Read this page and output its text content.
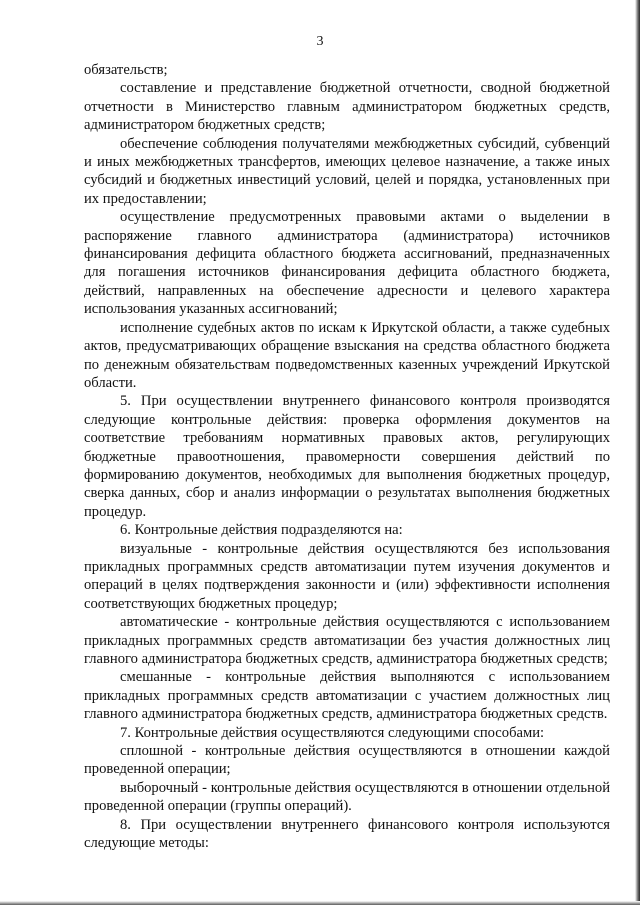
3

обязательств;

составление и представление бюджетной отчетности, сводной бюджетной отчетности в Министерство главным администратором бюджетных средств, администратором бюджетных средств;

обеспечение соблюдения получателями межбюджетных субсидий, субвенций и иных межбюджетных трансфертов, имеющих целевое назначение, а также иных субсидий и бюджетных инвестиций условий, целей и порядка, установленных при их предоставлении;

осуществление предусмотренных правовыми актами о выделении в распоряжение главного администратора (администратора) источников финансирования дефицита областного бюджета ассигнований, предназначенных для погашения источников финансирования дефицита областного бюджета, действий, направленных на обеспечение адресности и целевого характера использования указанных ассигнований;

исполнение судебных актов по искам к Иркутской области, а также судебных актов, предусматривающих обращение взыскания на средства областного бюджета по денежным обязательствам подведомственных казенных учреждений Иркутской области.

5. При осуществлении внутреннего финансового контроля производятся следующие контрольные действия: проверка оформления документов на соответствие требованиям нормативных правовых актов, регулирующих бюджетные правоотношения, правомерности совершения действий по формированию документов, необходимых для выполнения бюджетных процедур, сверка данных, сбор и анализ информации о результатах выполнения бюджетных процедур.

6. Контрольные действия подразделяются на:

визуальные - контрольные действия осуществляются без использования прикладных программных средств автоматизации путем изучения документов и операций в целях подтверждения законности и (или) эффективности исполнения соответствующих бюджетных процедур;

автоматические - контрольные действия осуществляются с использованием прикладных программных средств автоматизации без участия должностных лиц главного администратора бюджетных средств, администратора бюджетных средств;

смешанные - контрольные действия выполняются с использованием прикладных программных средств автоматизации с участием должностных лиц главного администратора бюджетных средств, администратора бюджетных средств.

7. Контрольные действия осуществляются следующими способами:

сплошной - контрольные действия осуществляются в отношении каждой проведенной операции;

выборочный - контрольные действия осуществляются в отношении отдельной проведенной операции (группы операций).

8. При осуществлении внутреннего финансового контроля используются следующие методы:
